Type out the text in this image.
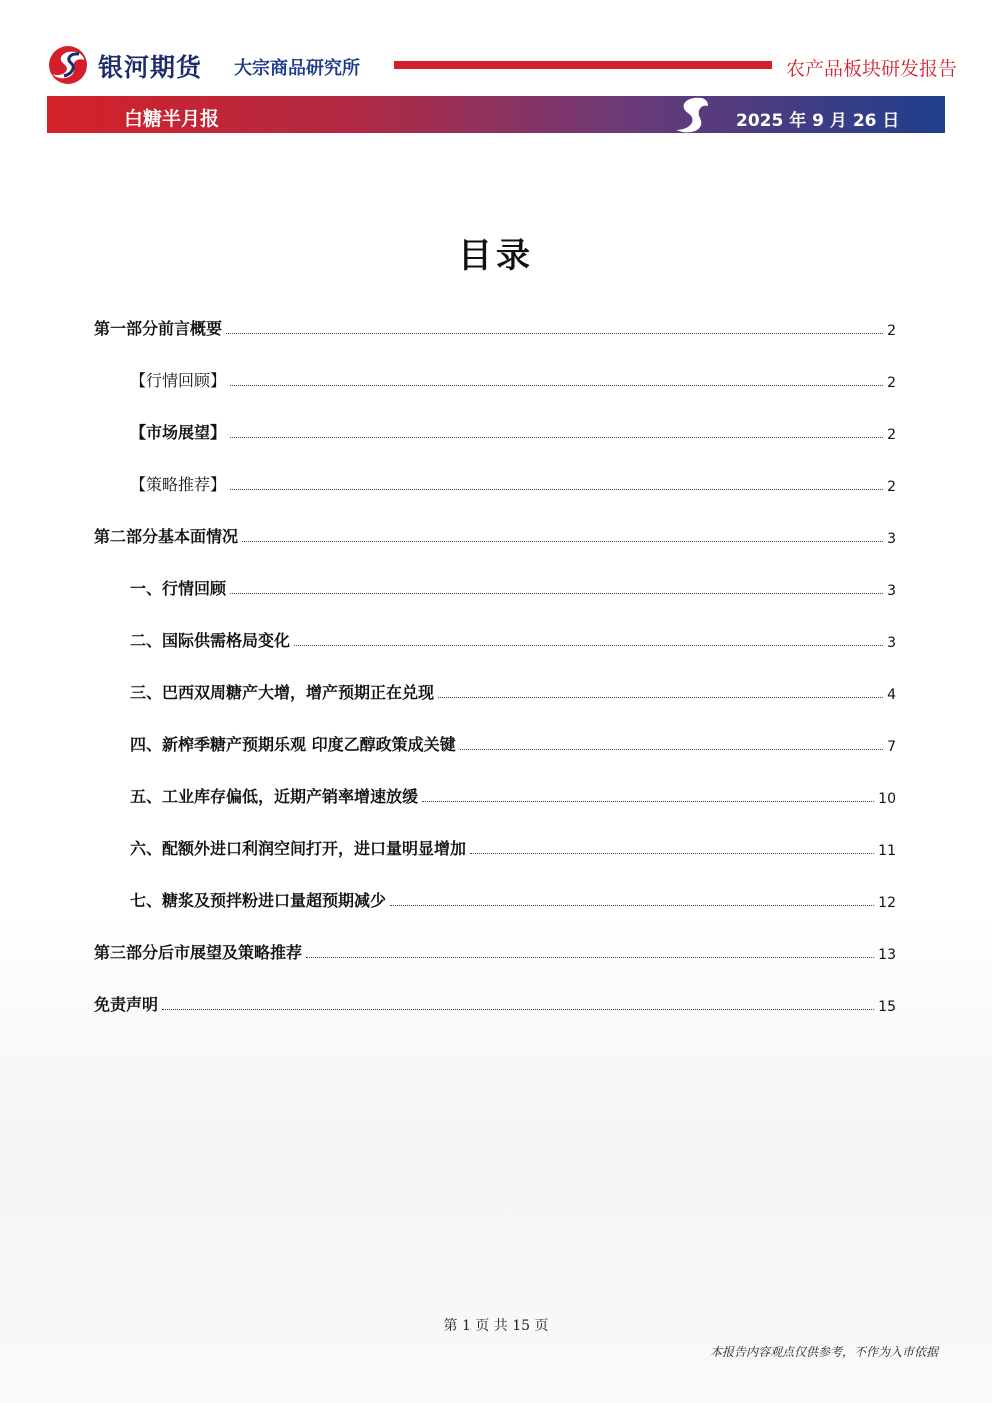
银河期货 大宗商品研究所	农产品板块研发报告
白糖半月报	2025 年 9 月 26 日
目录
第一部分前言概要	2
【行情回顾】	2
【市场展望】	2
【策略推荐】	2
第二部分基本面情况	3
一、行情回顾	3
二、国际供需格局变化	3
三、巴西双周糖产大增，增产预期正在兑现	4
四、新榨季糖产预期乐观 印度乙醇政策成关键	7
五、工业库存偏低，近期产销率增速放缓	10
六、配额外进口利润空间打开，进口量明显增加	11
七、糖浆及预拌粉进口量超预期减少	12
第三部分后市展望及策略推荐	13
免责声明	15
第 1 页 共 15 页
本报告内容观点仅供参考，不作为入市依据
